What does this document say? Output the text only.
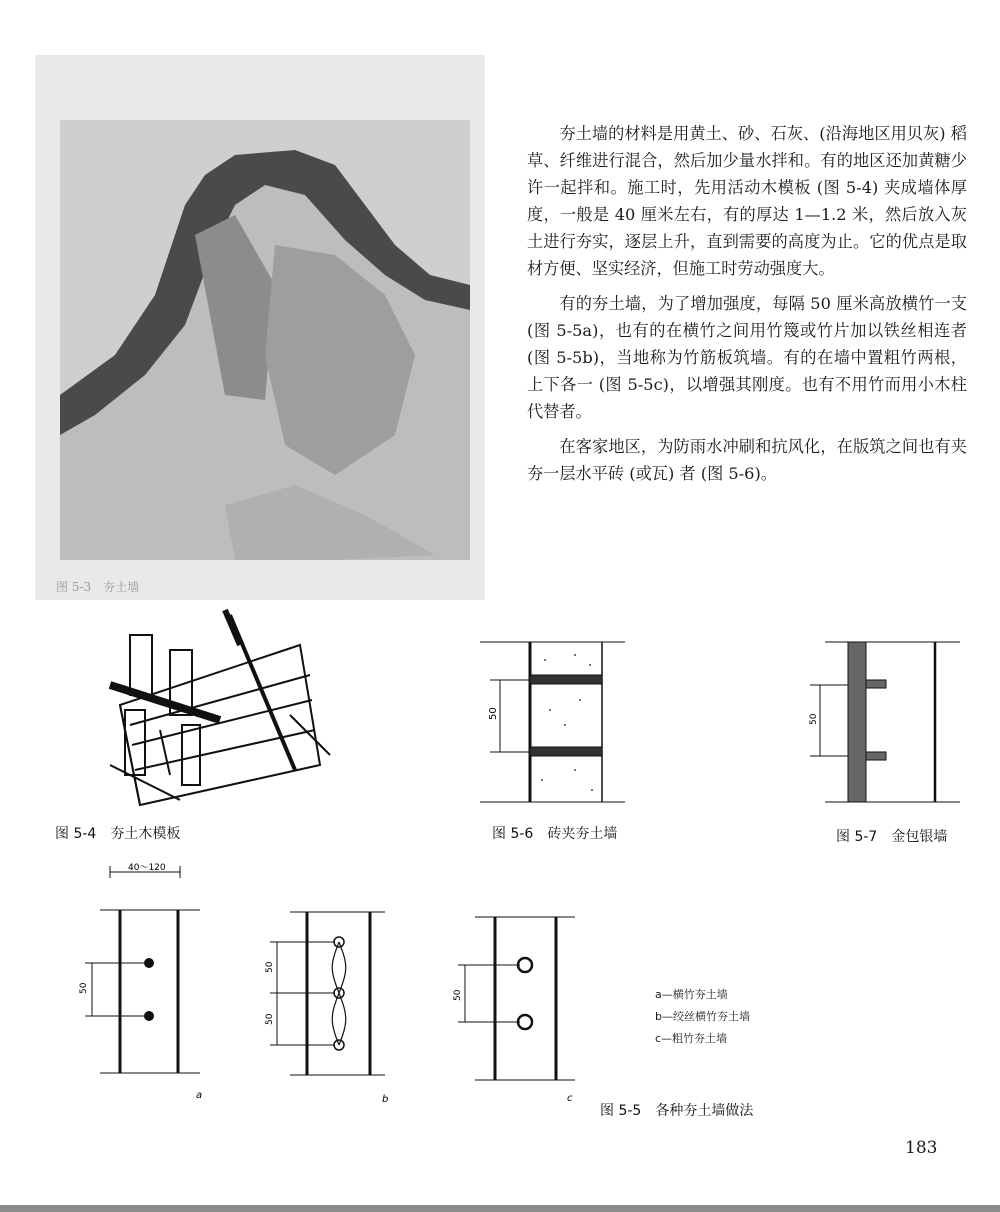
图 5-3　夯土墙

夯土墙的材料是用黄土、砂、石灰、(沿海地区用贝灰) 稻草、纤维进行混合，然后加少量水拌和。有的地区还加黄糖少许一起拌和。施工时，先用活动木模板 (图 5-4) 夹成墙体厚度，一般是 40 厘米左右，有的厚达 1—1.2 米，然后放入灰土进行夯实，逐层上升，直到需要的高度为止。它的优点是取材方便、坚实经济，但施工时劳动强度大。

有的夯土墙，为了增加强度，每隔 50 厘米高放横竹一支 (图 5-5a)，也有的在横竹之间用竹篾或竹片加以铁丝相连者 (图 5-5b)，当地称为竹筋板筑墙。有的在墙中置粗竹两根，上下各一 (图 5-5c)，以增强其刚度。也有不用竹而用小木柱代替者。

在客家地区，为防雨水冲刷和抗风化，在版筑之间也有夹夯一层水平砖 (或瓦) 者 (图 5-6)。

图 5-4　夯土木模板
50
图 5-6　砖夹夯土墙
50
图 5-7　金包银墙
40～120
50
a
50
50
b
50
c
a—横竹夯土墙
b—绞丝横竹夯土墙
c—粗竹夯土墙
图 5-5　各种夯土墙做法
183
